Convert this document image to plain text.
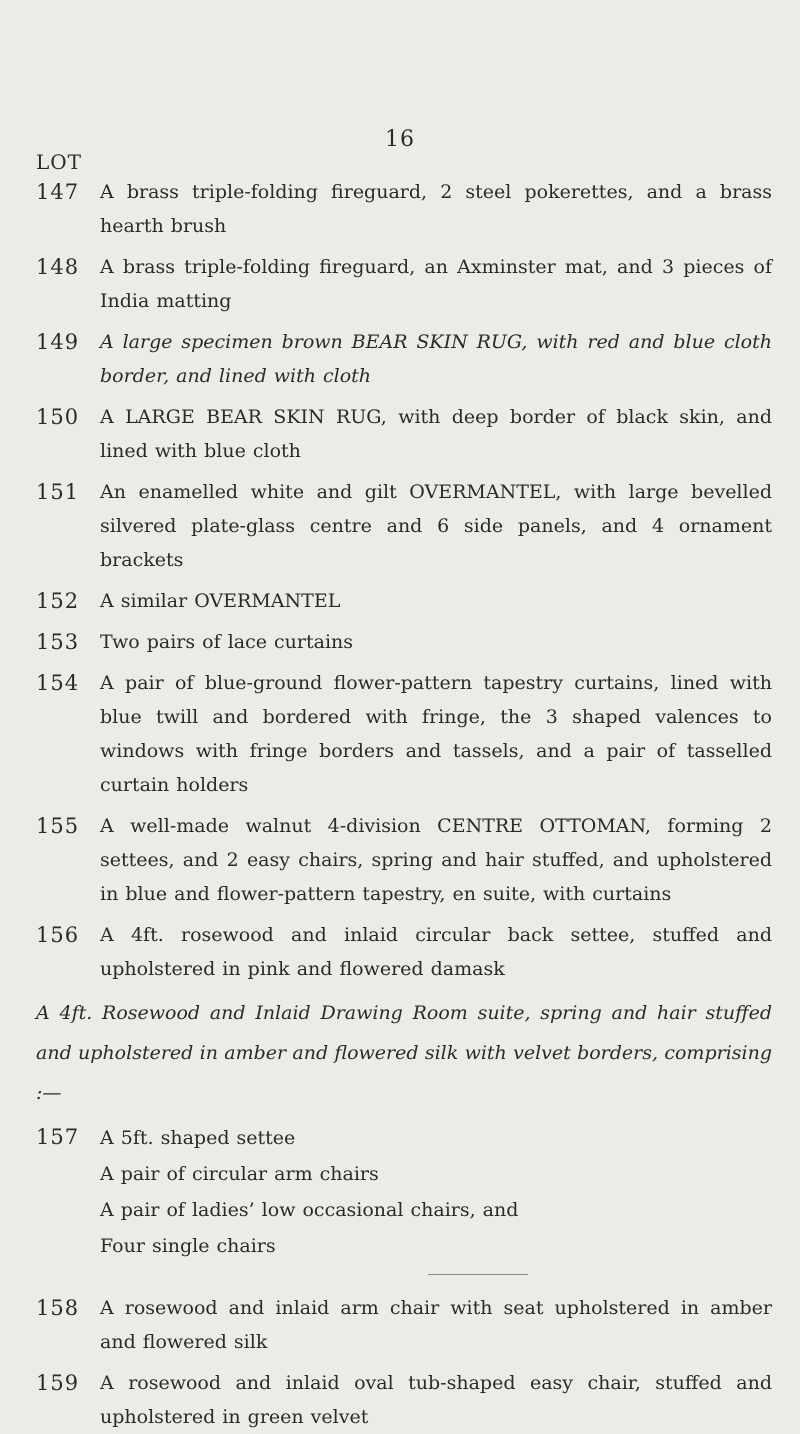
16
LOT
147 A brass triple-folding fireguard, 2 steel pokerettes, and a brass hearth brush
148 A brass triple-folding fireguard, an Axminster mat, and 3 pieces of India matting
149 A large specimen brown BEAR SKIN RUG, with red and blue cloth border, and lined with cloth
150 A LARGE BEAR SKIN RUG, with deep border of black skin, and lined with blue cloth
151 An enamelled white and gilt OVERMANTEL, with large bevelled silvered plate-glass centre and 6 side panels, and 4 ornament brackets
152 A similar OVERMANTEL
153 Two pairs of lace curtains
154 A pair of blue-ground flower-pattern tapestry curtains, lined with blue twill and bordered with fringe, the 3 shaped valences to windows with fringe borders and tassels, and a pair of tasselled curtain holders
155 A well-made walnut 4-division CENTRE OTTOMAN, forming 2 settees, and 2 easy chairs, spring and hair stuffed, and upholstered in blue and flower-pattern tapestry, en suite, with curtains
156 A 4ft. rosewood and inlaid circular back settee, stuffed and upholstered in pink and flowered damask
A 4ft. Rosewood and Inlaid Drawing Room suite, spring and hair stuffed and upholstered in amber and flowered silk with velvet borders, comprising :—
157 A 5ft. shaped settee
A pair of circular arm chairs
A pair of ladies’ low occasional chairs, and
Four single chairs
158 A rosewood and inlaid arm chair with seat upholstered in amber and flowered silk
159 A rosewood and inlaid oval tub-shaped easy chair, stuffed and upholstered in green velvet
